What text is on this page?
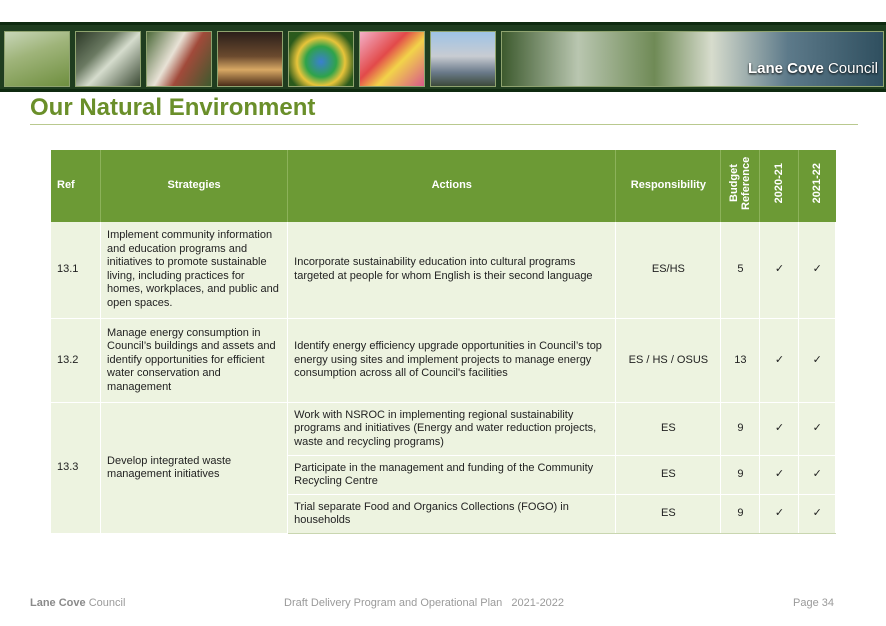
Lane Cove Council
Our Natural Environment
Ref	Strategies	Actions	Responsibility	Budget Reference	2020-21	2021-22
13.1	Implement community information and education programs and initiatives to promote sustainable living, including practices for homes, workplaces, and public and open spaces.	Incorporate sustainability education into cultural programs targeted at people for whom English is their second language	ES/HS	5	✓	✓
13.2	Manage energy consumption in Council’s buildings and assets and identify opportunities for efficient water conservation and management	Identify energy efficiency upgrade opportunities in Council’s top energy using sites and implement projects to manage energy consumption across all of Council's facilities	ES / HS / OSUS	13	✓	✓
13.3	Develop integrated waste management initiatives	Work with NSROC in implementing regional sustainability programs and initiatives (Energy and water reduction projects, waste and recycling programs)	ES	9	✓	✓
		Participate in the management and funding of the Community Recycling Centre	ES	9	✓	✓
		Trial separate Food and Organics Collections (FOGO) in households	ES	9	✓	✓
Lane Cove Council	Draft Delivery Program and Operational Plan   2021-2022	Page 34
